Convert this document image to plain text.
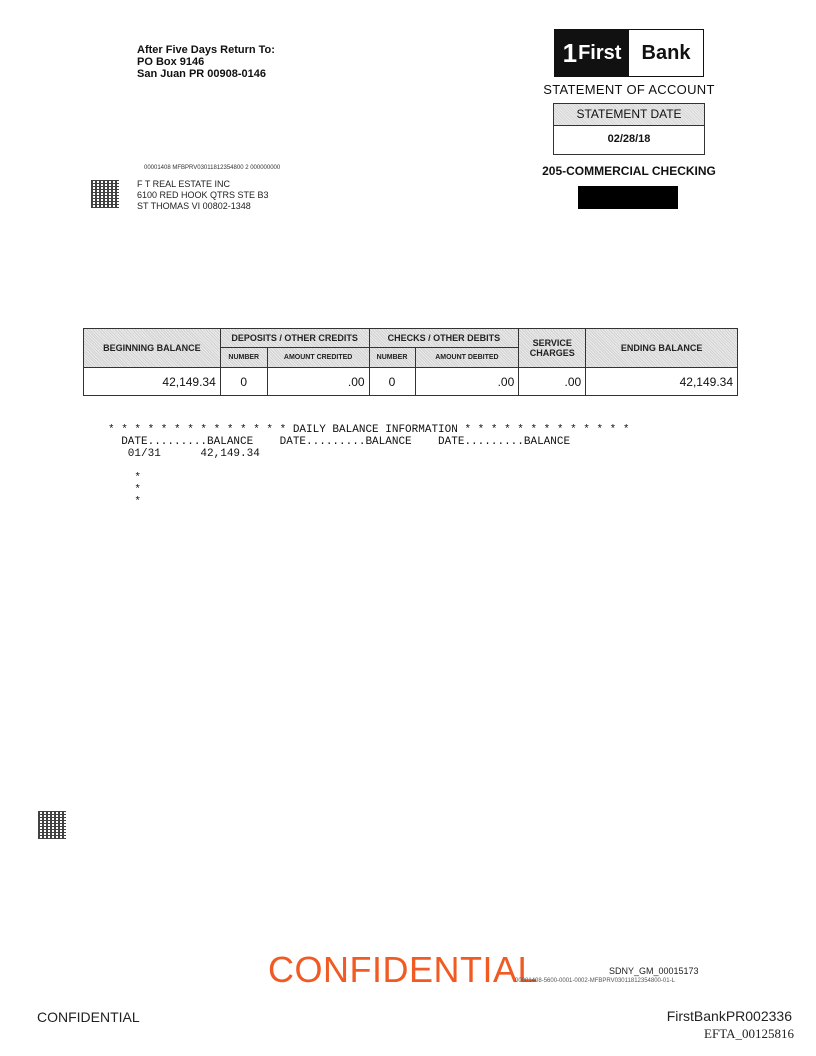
After Five Days Return To:
PO Box 9146
San Juan PR 00908-0146
1 First	Bank
STATEMENT OF ACCOUNT
STATEMENT DATE
02/28/18
205-COMMERCIAL CHECKING
00001408 MFBPRV03011812354800 2 000000000
F T REAL ESTATE INC
6100 RED HOOK QTRS STE B3
ST THOMAS VI 00802-1348
BEGINNING BALANCE	DEPOSITS / OTHER CREDITS		CHECKS / OTHER DEBITS		SERVICE CHARGES	ENDING BALANCE
	NUMBER	AMOUNT CREDITED	NUMBER	AMOUNT DEBITED		
42,149.34	0	.00	0	.00	.00	42,149.34
* * * * * * * * * * * * * * DAILY BALANCE INFORMATION * * * * * * * * * * * * *
DATE.........BALANCE    DATE.........BALANCE    DATE.........BALANCE
01/31      42,149.34
*
*
*
CONFIDENTIAL	SDNY_GM_00015173
00001408-5600-0001-0002-MFBPRV03011812354800-01-L
CONFIDENTIAL	FirstBankPR002336
EFTA_00125816
